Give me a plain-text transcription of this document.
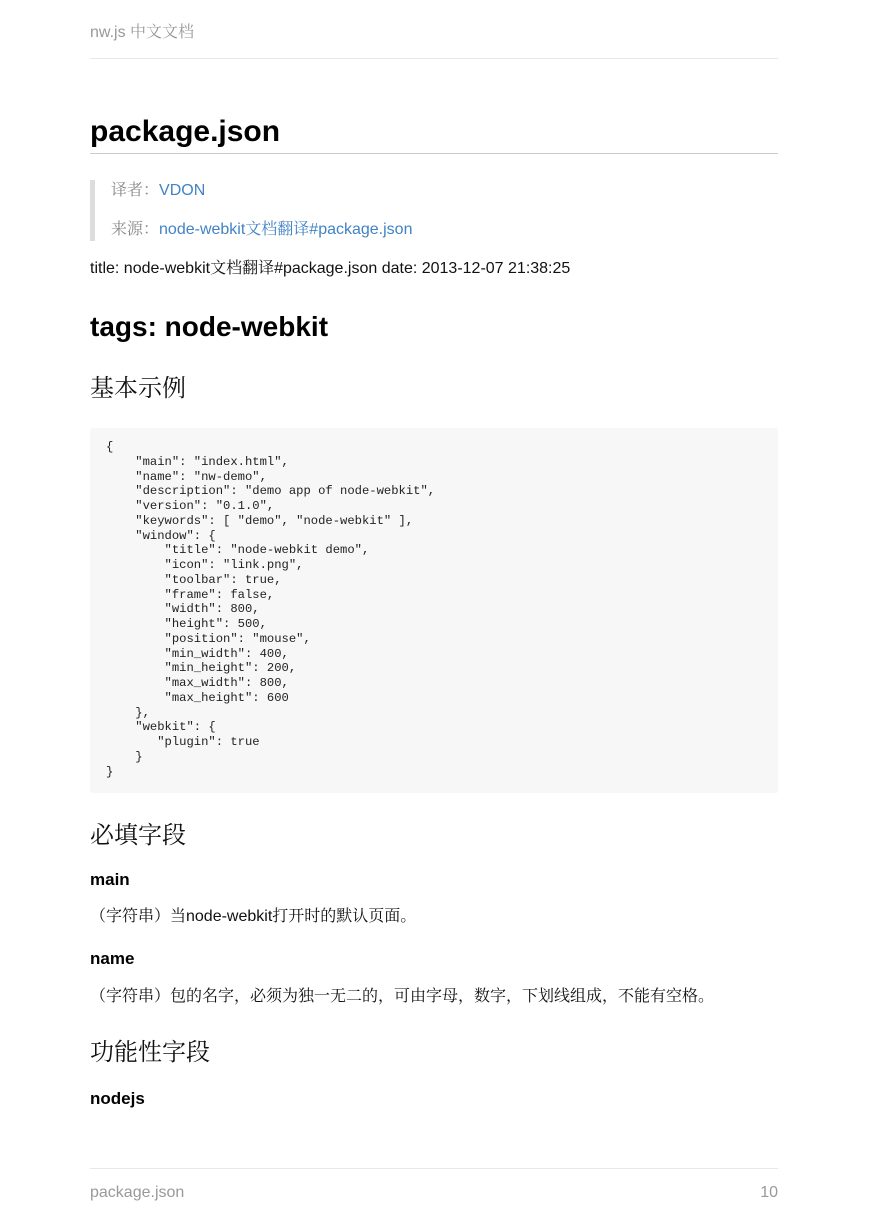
nw.js 中文文档
package.json
译者：VDON
来源：node-webkit文档翻译#package.json

title: node-webkit文档翻译#package.json date: 2013-12-07 21:38:25

tags: node-webkit
基本示例
{
"main": "index.html",
"name": "nw-demo",
"description": "demo app of node-webkit",
"version": "0.1.0",
"keywords": [ "demo", "node-webkit" ],
"window": {
"title": "node-webkit demo",
"icon": "link.png",
"toolbar": true,
"frame": false,
"width": 800,
"height": 500,
"position": "mouse",
"min_width": 400,
"min_height": 200,
"max_width": 800,
"max_height": 600
},
"webkit": {
"plugin": true
}
}
必填字段
main

（字符串）当node-webkit打开时的默认页面。

name

（字符串）包的名字，必须为独一无二的，可由字母，数字，下划线组成，不能有空格。

功能性字段
nodejs
package.json	10
